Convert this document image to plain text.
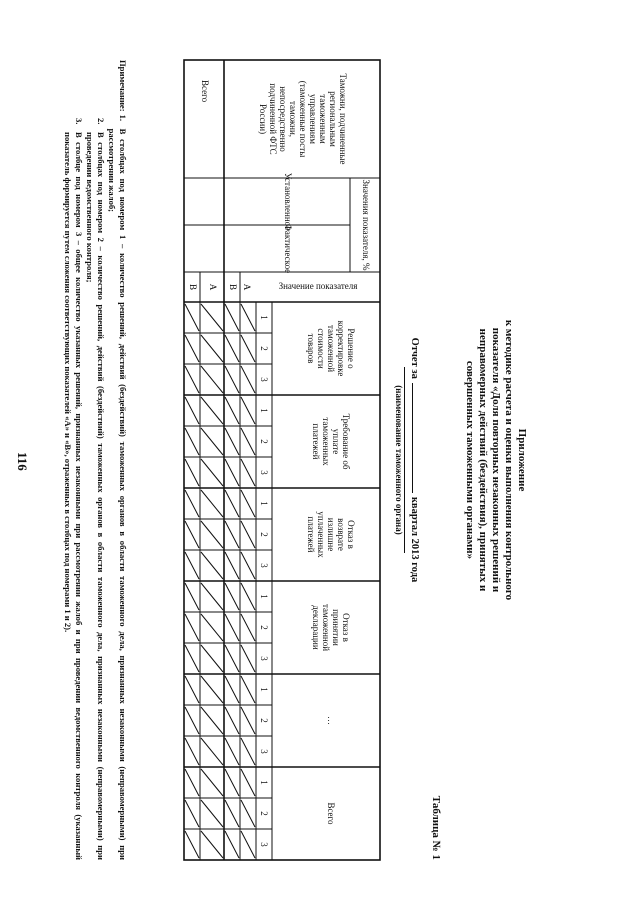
116	Приложение
к методике расчета и оценки выполнения контрольного
показателя «Доля повторных незаконных решений и
неправомерных действий (бездействия), принятых и
совершенных таможенными органами»
Таблица № 1
Отчет заквартал 2013 года
(наименование таможенного органа)
Таможни, подчиненныерегиональнымтаможеннымуправлениям(таможенные постытаможни,непосредственноподчиненной ФТСРоссии)
Значения показателя, %
Установленное
Фактическое
Значение показателя
А
В
А
В
Всего
Решение окорректировкетаможеннойстоимоститоваров
1
2
3
Требование обуплатетаможенныхплатежей
1
2
3
Отказ ввозвратеизлишнеуплаченныхплатежей
1
2
3
Отказ впринятиитаможеннойдекларации
1
2
3
…
1
2
3
Всего
1
2
3
Примечание:
1.
В столбцах под номером 1 – количество решений, действий (бездействий) таможенных органов в области таможенного дела, признанных незаконными (неправомерными) при рассмотрении жалоб;
2.
В столбцах под номером 2 – количество решений, действий (бездействий) таможенных органов в области таможенного дела, признанных незаконными (неправомерными) при проведении ведомственного контроля;
3.
В столбце под номером 3 – общее количество указанных решений, признанных незаконными при рассмотрении жалоб и при проведении ведомственного контроля (указанный показатель формируется путем сложения соответствующих показателей «А» и «В», отраженных в столбцах под номерами 1 и 2).
